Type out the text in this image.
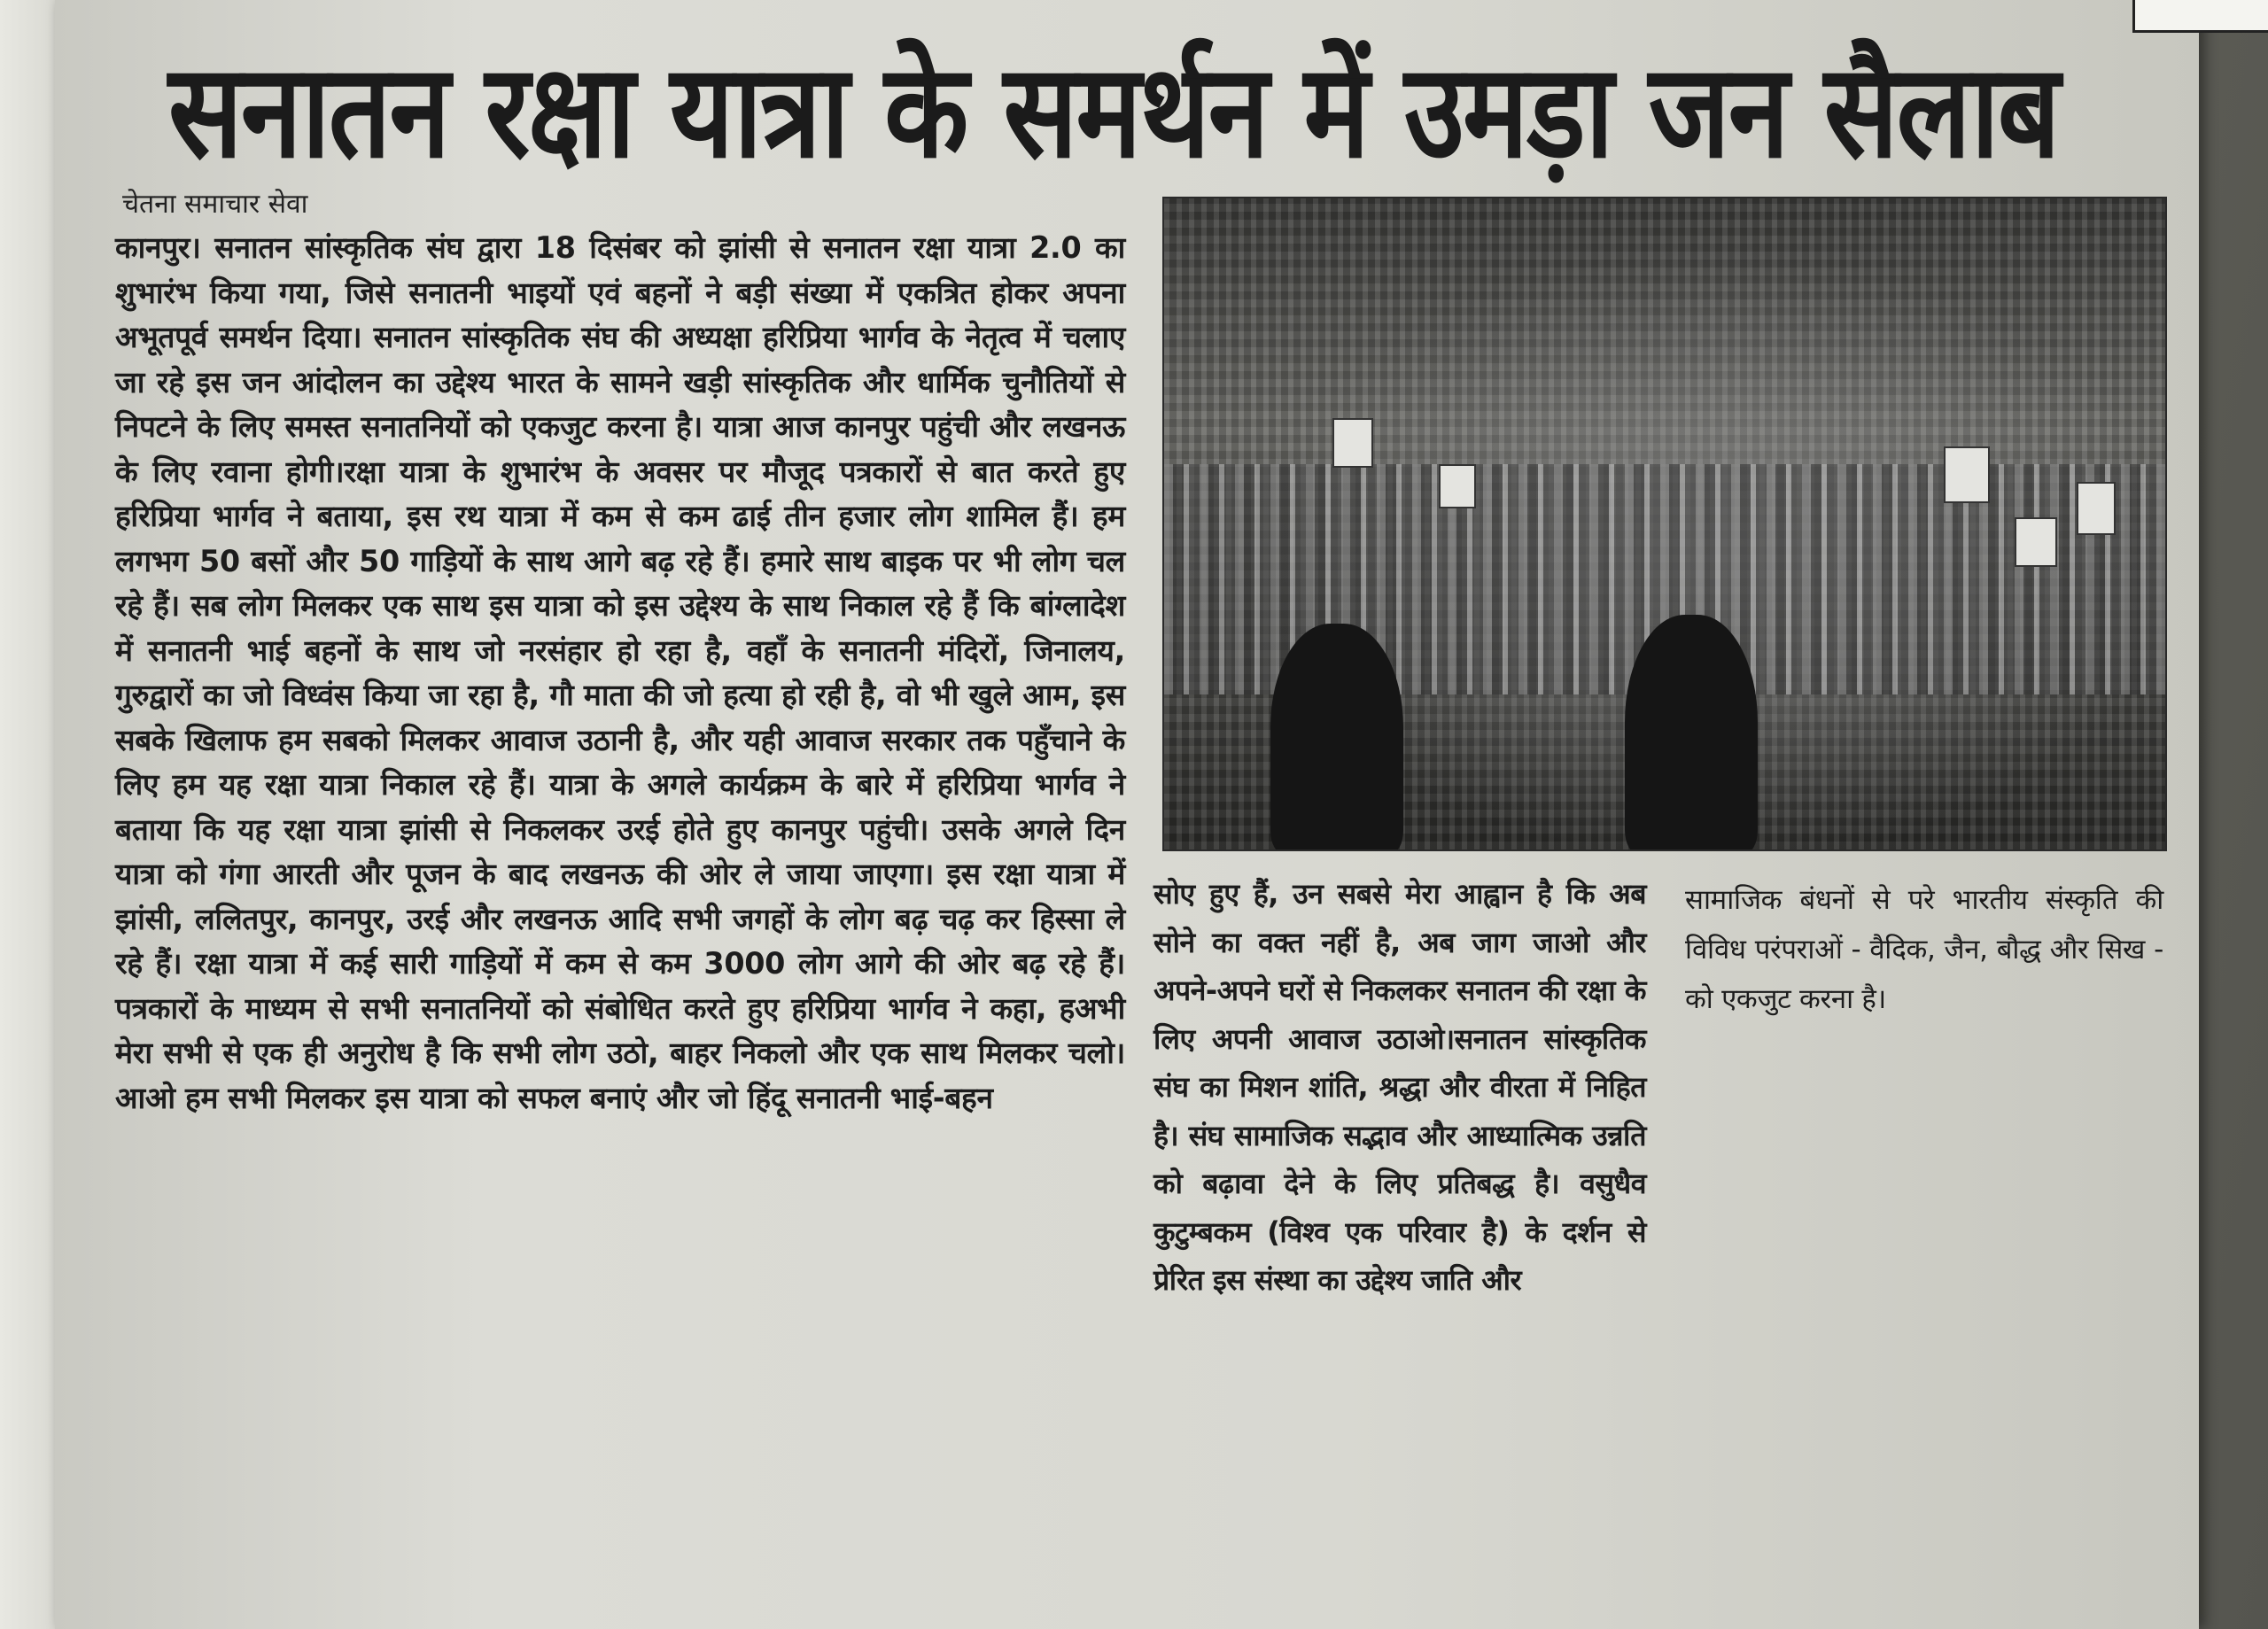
सनातन रक्षा यात्रा के समर्थन में उमड़ा जन सैलाब
चेतना समाचार सेवा

कानपुर। सनातन सांस्कृतिक संघ द्वारा 18 दिसंबर को झांसी से सनातन रक्षा यात्रा 2.0 का शुभारंभ किया गया, जिसे सनातनी भाइयों एवं बहनों ने बड़ी संख्या में एकत्रित होकर अपना अभूतपूर्व समर्थन दिया। सनातन सांस्कृतिक संघ की अध्यक्षा हरिप्रिया भार्गव के नेतृत्व में चलाए जा रहे इस जन आंदोलन का उद्देश्य भारत के सामने खड़ी सांस्कृतिक और धार्मिक चुनौतियों से निपटने के लिए समस्त सनातनियों को एकजुट करना है। यात्रा आज कानपुर पहुंची और लखनऊ के लिए रवाना होगी।रक्षा यात्रा के शुभारंभ के अवसर पर मौजूद पत्रकारों से बात करते हुए हरिप्रिया भार्गव ने बताया, इस रथ यात्रा में कम से कम ढाई तीन हजार लोग शामिल हैं। हम लगभग 50 बसों और 50 गाड़ियों के साथ आगे बढ़ रहे हैं। हमारे साथ बाइक पर भी लोग चल रहे हैं। सब लोग मिलकर एक साथ इस यात्रा को इस उद्देश्य के साथ निकाल रहे हैं कि बांग्लादेश में सनातनी भाई बहनों के साथ जो नरसंहार हो रहा है, वहाँ के सनातनी मंदिरों, जिनालय, गुरुद्वारों का जो विध्वंस किया जा रहा है, गौ माता की जो हत्या हो रही है, वो भी खुले आम, इस सबके खिलाफ हम सबको मिलकर आवाज उठानी है, और यही आवाज सरकार तक पहुँचाने के लिए हम यह रक्षा यात्रा निकाल रहे हैं। यात्रा के अगले कार्यक्रम के बारे में हरिप्रिया भार्गव ने बताया कि यह रक्षा यात्रा झांसी से निकलकर उरई होते हुए कानपुर पहुंची। उसके अगले दिन यात्रा को गंगा आरती और पूजन के बाद लखनऊ की ओर ले जाया जाएगा। इस रक्षा यात्रा में झांसी, ललितपुर, कानपुर, उरई और लखनऊ आदि सभी जगहों के लोग बढ़ चढ़ कर हिस्सा ले रहे हैं। रक्षा यात्रा में कई सारी गाड़ियों में कम से कम 3000 लोग आगे की ओर बढ़ रहे हैं। पत्रकारों के माध्यम से सभी सनातनियों को संबोधित करते हुए हरिप्रिया भार्गव ने कहा, हअभी मेरा सभी से एक ही अनुरोध है कि सभी लोग उठो, बाहर निकलो और एक साथ मिलकर चलो। आओ हम सभी मिलकर इस यात्रा को सफल बनाएं और जो हिंदू सनातनी भाई-बहन

सोए हुए हैं, उन सबसे मेरा आह्वान है कि अब सोने का वक्त नहीं है, अब जाग जाओ और अपने-अपने घरों से निकलकर सनातन की रक्षा के लिए अपनी आवाज उठाओ।सनातन सांस्कृतिक संघ का मिशन शांति, श्रद्धा और वीरता में निहित है। संघ सामाजिक सद्भाव और आध्यात्मिक उन्नति को बढ़ावा देने के लिए प्रतिबद्ध है। वसुधैव कुटुम्बकम (विश्व एक परिवार है) के दर्शन से प्रेरित इस संस्था का उद्देश्य जाति और

सामाजिक बंधनों से परे भारतीय संस्कृति की विविध परंपराओं - वैदिक, जैन, बौद्ध और सिख - को एकजुट करना है।
